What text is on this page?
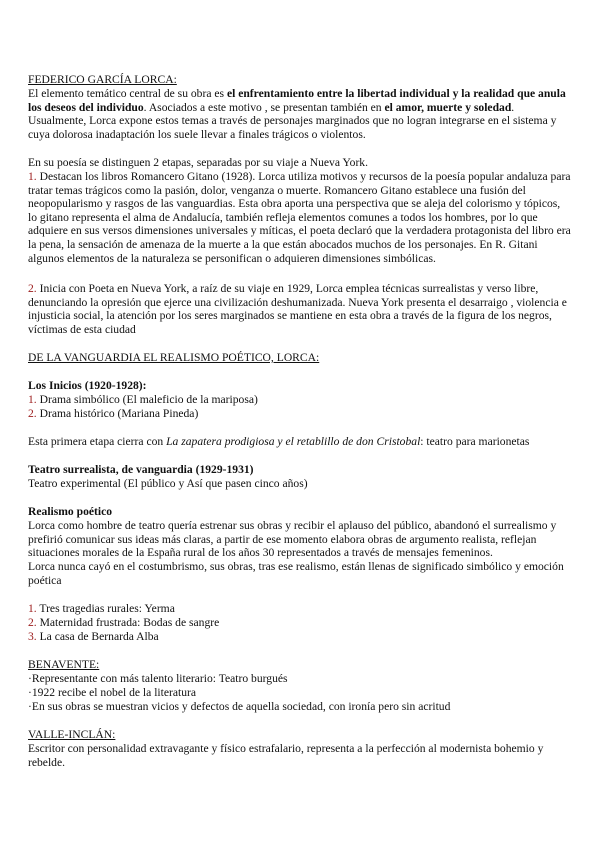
FEDERICO GARCÍA LORCA:

El elemento temático central de su obra es el enfrentamiento entre la libertad individual y la realidad que anula los deseos del individuo. Asociados a este motivo , se presentan también en el amor, muerte y soledad. Usualmente, Lorca expone estos temas a través de personajes marginados que no logran integrarse en el sistema y cuya dolorosa inadaptación los suele llevar a finales trágicos o violentos.

En su poesía se distinguen 2 etapas, separadas por su viaje a Nueva York.

1. Destacan los libros Romancero Gitano (1928). Lorca utiliza motivos y recursos de la poesía popular andaluza para tratar temas trágicos como la pasión, dolor, venganza o muerte. Romancero Gitano establece una fusión del neopopularismo y rasgos de las vanguardias. Esta obra aporta una perspectiva que se aleja del colorismo y tópicos, lo gitano representa el alma de Andalucía, también refleja elementos comunes a todos los hombres, por lo que adquiere en sus versos dimensiones universales y míticas, el poeta declaró que la verdadera protagonista del libro era la pena, la sensación de amenaza de la muerte a la que están abocados muchos de los personajes. En R. Gitani algunos elementos de la naturaleza se personifican o adquieren dimensiones simbólicas.

2. Inicia con Poeta en Nueva York, a raíz de su viaje en 1929, Lorca emplea técnicas surrealistas y verso libre, denunciando la opresión que ejerce una civilización deshumanizada. Nueva York presenta el desarraigo , violencia e injusticia social, la atención por los seres marginados se mantiene en esta obra a través de la figura de los negros, víctimas de esta ciudad

DE LA VANGUARDIA EL REALISMO POÉTICO, LORCA:
Los Inicios (1920-1928):
1. Drama simbólico (El maleficio de la mariposa)
2. Drama histórico (Mariana Pineda)

Esta primera etapa cierra con La zapatera prodigiosa y el retablillo de don Cristobal: teatro para marionetas

Teatro surrealista, de vanguardia (1929-1931)
Teatro experimental (El público y Así que pasen cinco años)
Realismo poético

Lorca como hombre de teatro quería estrenar sus obras y recibir el aplauso del público, abandonó el surrealismo y prefirió comunicar sus ideas más claras, a partir de ese momento elabora obras de argumento realista, reflejan situaciones morales de la España rural de los años 30 representados a través de mensajes femeninos.

Lorca nunca cayó en el costumbrismo, sus obras, tras ese realismo, están llenas de significado simbólico y emoción poética

1. Tres tragedias rurales: Yerma
2. Maternidad frustrada: Bodas de sangre
3. La casa de Bernarda Alba
BENAVENTE:
·Representante con más talento literario: Teatro burgués
·1922 recibe el nobel de la literatura
·En sus obras se muestran vicios y defectos de aquella sociedad, con ironía pero sin acritud
VALLE-INCLÁN:

Escritor con personalidad extravagante y físico estrafalario, representa a la perfección al modernista bohemio y rebelde.
